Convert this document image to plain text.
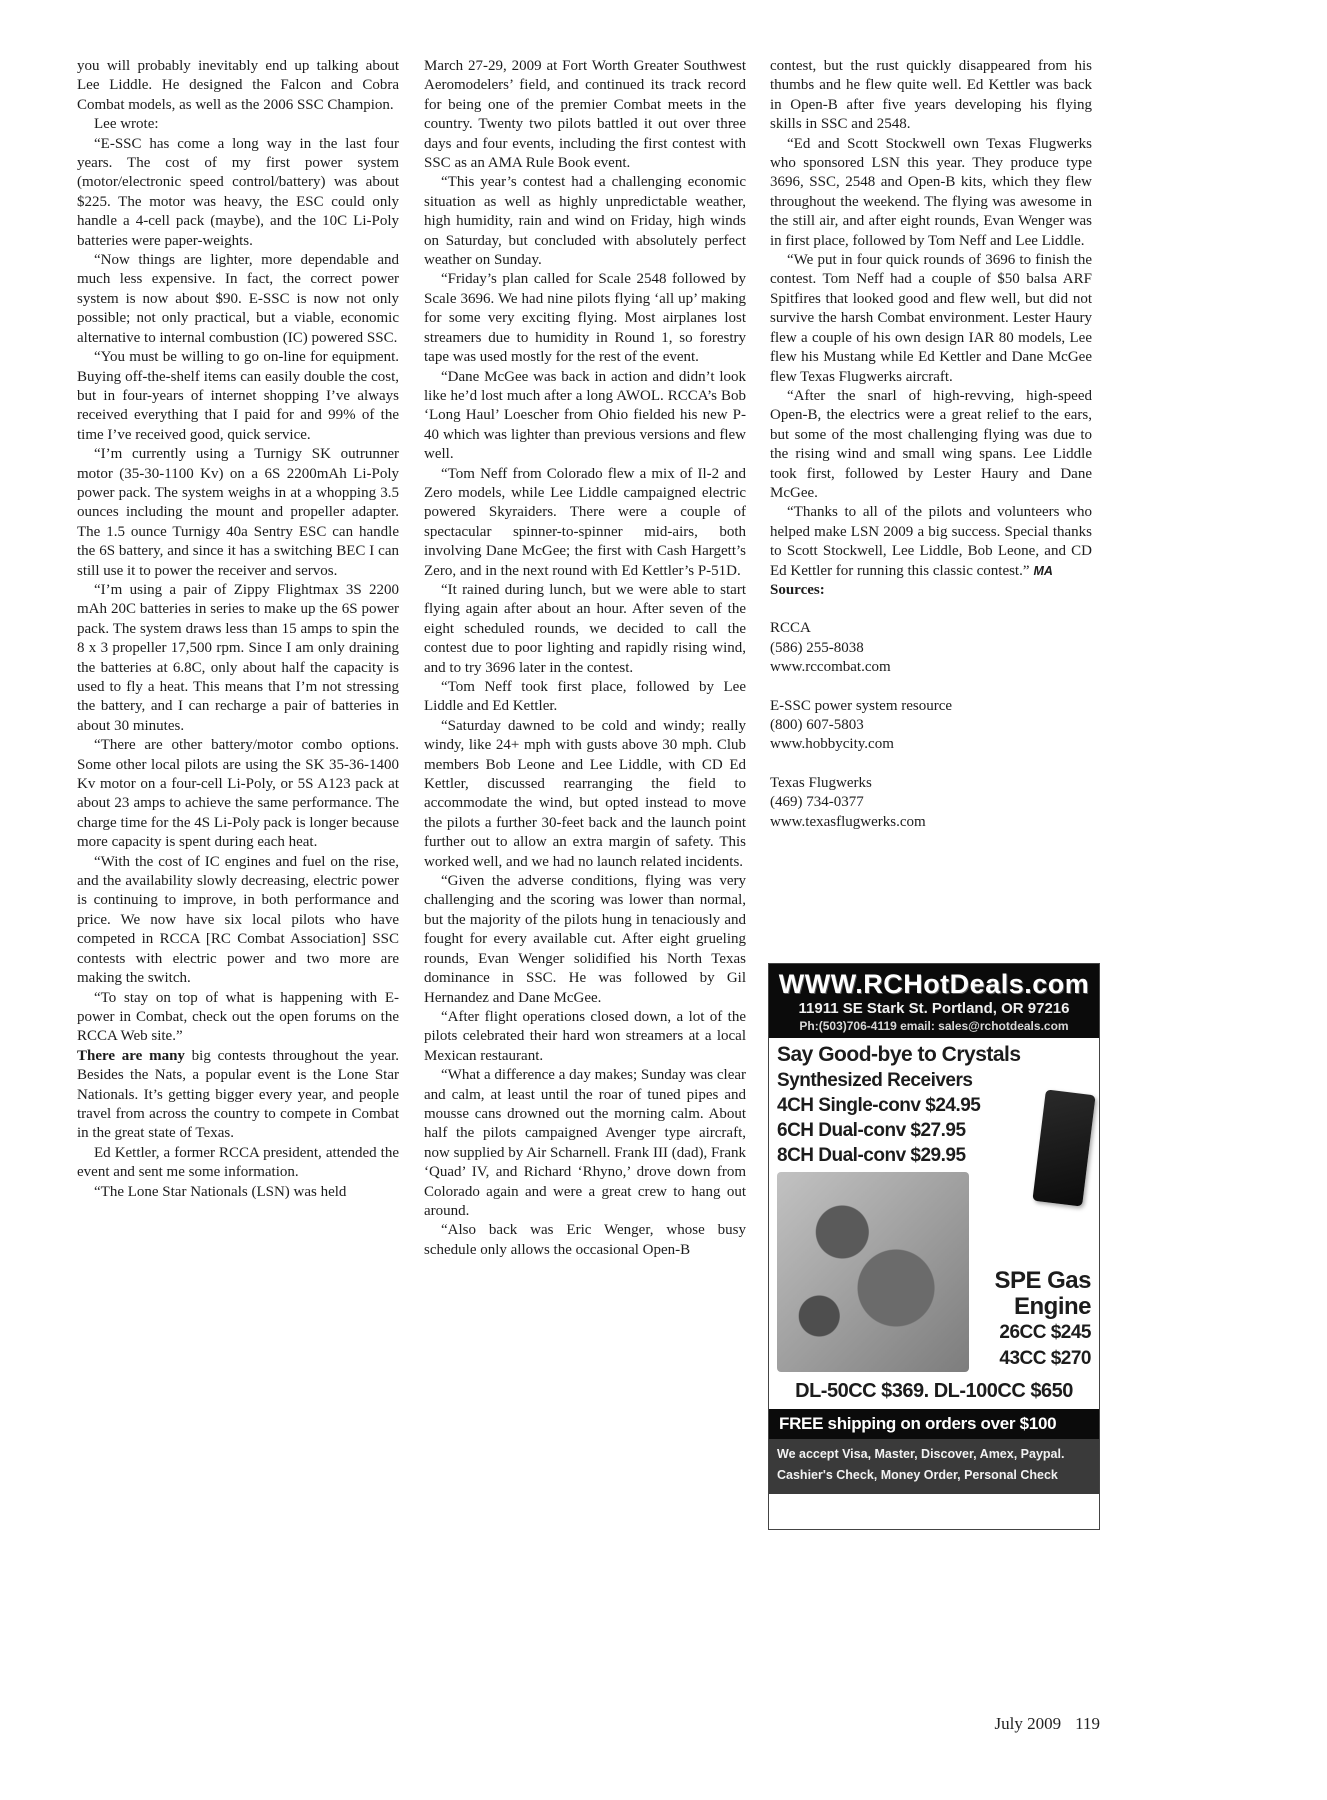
you will probably inevitably end up talking about Lee Liddle. He designed the Falcon and Cobra Combat models, as well as the 2006 SSC Champion.

Lee wrote:

“E-SSC has come a long way in the last four years. The cost of my first power system (motor/electronic speed control/battery) was about $225. The motor was heavy, the ESC could only handle a 4-cell pack (maybe), and the 10C Li-Poly batteries were paper-weights.

“Now things are lighter, more dependable and much less expensive. In fact, the correct power system is now about $90. E-SSC is now not only possible; not only practical, but a viable, economic alternative to internal combustion (IC) powered SSC.

“You must be willing to go on-line for equipment. Buying off-the-shelf items can easily double the cost, but in four-years of internet shopping I’ve always received everything that I paid for and 99% of the time I’ve received good, quick service.

“I’m currently using a Turnigy SK outrunner motor (35-30-1100 Kv) on a 6S 2200mAh Li-Poly power pack. The system weighs in at a whopping 3.5 ounces including the mount and propeller adapter. The 1.5 ounce Turnigy 40a Sentry ESC can handle the 6S battery, and since it has a switching BEC I can still use it to power the receiver and servos.

“I’m using a pair of Zippy Flightmax 3S 2200 mAh 20C batteries in series to make up the 6S power pack. The system draws less than 15 amps to spin the 8 x 3 propeller 17,500 rpm. Since I am only draining the batteries at 6.8C, only about half the capacity is used to fly a heat. This means that I’m not stressing the battery, and I can recharge a pair of batteries in about 30 minutes.

“There are other battery/motor combo options. Some other local pilots are using the SK 35-36-1400 Kv motor on a four-cell Li-Poly, or 5S A123 pack at about 23 amps to achieve the same performance. The charge time for the 4S Li-Poly pack is longer because more capacity is spent during each heat.

“With the cost of IC engines and fuel on the rise, and the availability slowly decreasing, electric power is continuing to improve, in both performance and price. We now have six local pilots who have competed in RCCA [RC Combat Association] SSC contests with electric power and two more are making the switch.

“To stay on top of what is happening with E-power in Combat, check out the open forums on the RCCA Web site.”

There are many big contests throughout the year. Besides the Nats, a popular event is the Lone Star Nationals. It’s getting bigger every year, and people travel from across the country to compete in Combat in the great state of Texas.

Ed Kettler, a former RCCA president, attended the event and sent me some information.

“The Lone Star Nationals (LSN) was held

March 27-29, 2009 at Fort Worth Greater Southwest Aeromodelers’ field, and continued its track record for being one of the premier Combat meets in the country. Twenty two pilots battled it out over three days and four events, including the first contest with SSC as an AMA Rule Book event.

“This year’s contest had a challenging economic situation as well as highly unpredictable weather, high humidity, rain and wind on Friday, high winds on Saturday, but concluded with absolutely perfect weather on Sunday.

“Friday’s plan called for Scale 2548 followed by Scale 3696. We had nine pilots flying ‘all up’ making for some very exciting flying. Most airplanes lost streamers due to humidity in Round 1, so forestry tape was used mostly for the rest of the event.

“Dane McGee was back in action and didn’t look like he’d lost much after a long AWOL. RCCA’s Bob ‘Long Haul’ Loescher from Ohio fielded his new P-40 which was lighter than previous versions and flew well.

“Tom Neff from Colorado flew a mix of Il-2 and Zero models, while Lee Liddle campaigned electric powered Skyraiders. There were a couple of spectacular spinner-to-spinner mid-airs, both involving Dane McGee; the first with Cash Hargett’s Zero, and in the next round with Ed Kettler’s P-51D.

“It rained during lunch, but we were able to start flying again after about an hour. After seven of the eight scheduled rounds, we decided to call the contest due to poor lighting and rapidly rising wind, and to try 3696 later in the contest.

“Tom Neff took first place, followed by Lee Liddle and Ed Kettler.

“Saturday dawned to be cold and windy; really windy, like 24+ mph with gusts above 30 mph. Club members Bob Leone and Lee Liddle, with CD Ed Kettler, discussed rearranging the field to accommodate the wind, but opted instead to move the pilots a further 30-feet back and the launch point further out to allow an extra margin of safety. This worked well, and we had no launch related incidents.

“Given the adverse conditions, flying was very challenging and the scoring was lower than normal, but the majority of the pilots hung in tenaciously and fought for every available cut. After eight grueling rounds, Evan Wenger solidified his North Texas dominance in SSC. He was followed by Gil Hernandez and Dane McGee.

“After flight operations closed down, a lot of the pilots celebrated their hard won streamers at a local Mexican restaurant.

“What a difference a day makes; Sunday was clear and calm, at least until the roar of tuned pipes and mousse cans drowned out the morning calm. About half the pilots campaigned Avenger type aircraft, now supplied by Air Scharnell. Frank III (dad), Frank ‘Quad’ IV, and Richard ‘Rhyno,’ drove down from Colorado again and were a great crew to hang out around.

“Also back was Eric Wenger, whose busy schedule only allows the occasional Open-B

contest, but the rust quickly disappeared from his thumbs and he flew quite well. Ed Kettler was back in Open-B after five years developing his flying skills in SSC and 2548.

“Ed and Scott Stockwell own Texas Flugwerks who sponsored LSN this year. They produce type 3696, SSC, 2548 and Open-B kits, which they flew throughout the weekend. The flying was awesome in the still air, and after eight rounds, Evan Wenger was in first place, followed by Tom Neff and Lee Liddle.

“We put in four quick rounds of 3696 to finish the contest. Tom Neff had a couple of $50 balsa ARF Spitfires that looked good and flew well, but did not survive the harsh Combat environment. Lester Haury flew a couple of his own design IAR 80 models, Lee flew his Mustang while Ed Kettler and Dane McGee flew Texas Flugwerks aircraft.

“After the snarl of high-revving, high-speed Open-B, the electrics were a great relief to the ears, but some of the most challenging flying was due to the rising wind and small wing spans. Lee Liddle took first, followed by Lester Haury and Dane McGee.

“Thanks to all of the pilots and volunteers who helped make LSN 2009 a big success. Special thanks to Scott Stockwell, Lee Liddle, Bob Leone, and CD Ed Kettler for running this classic contest.” MA

Sources:

RCCA
(586) 255-8038
www.rccombat.com
E-SSC power system resource
(800) 607-5803
www.hobbycity.com
Texas Flugwerks
(469) 734-0377
www.texasflugwerks.com
WWW.RCHotDeals.com
11911 SE Stark St. Portland, OR 97216
Ph:(503)706-4119 email: sales@rchotdeals.com
Say Good-bye to Crystals
Synthesized Receivers
4CH Single-conv $24.95
6CH Dual-conv $27.95
8CH Dual-conv $29.95
SPE Gas
Engine
26CC $245
43CC $270
DL-50CC $369. DL-100CC $650
FREE shipping on orders over $100
We accept Visa, Master, Discover, Amex, Paypal.
Cashier's Check, Money Order, Personal Check
July 2009 119
